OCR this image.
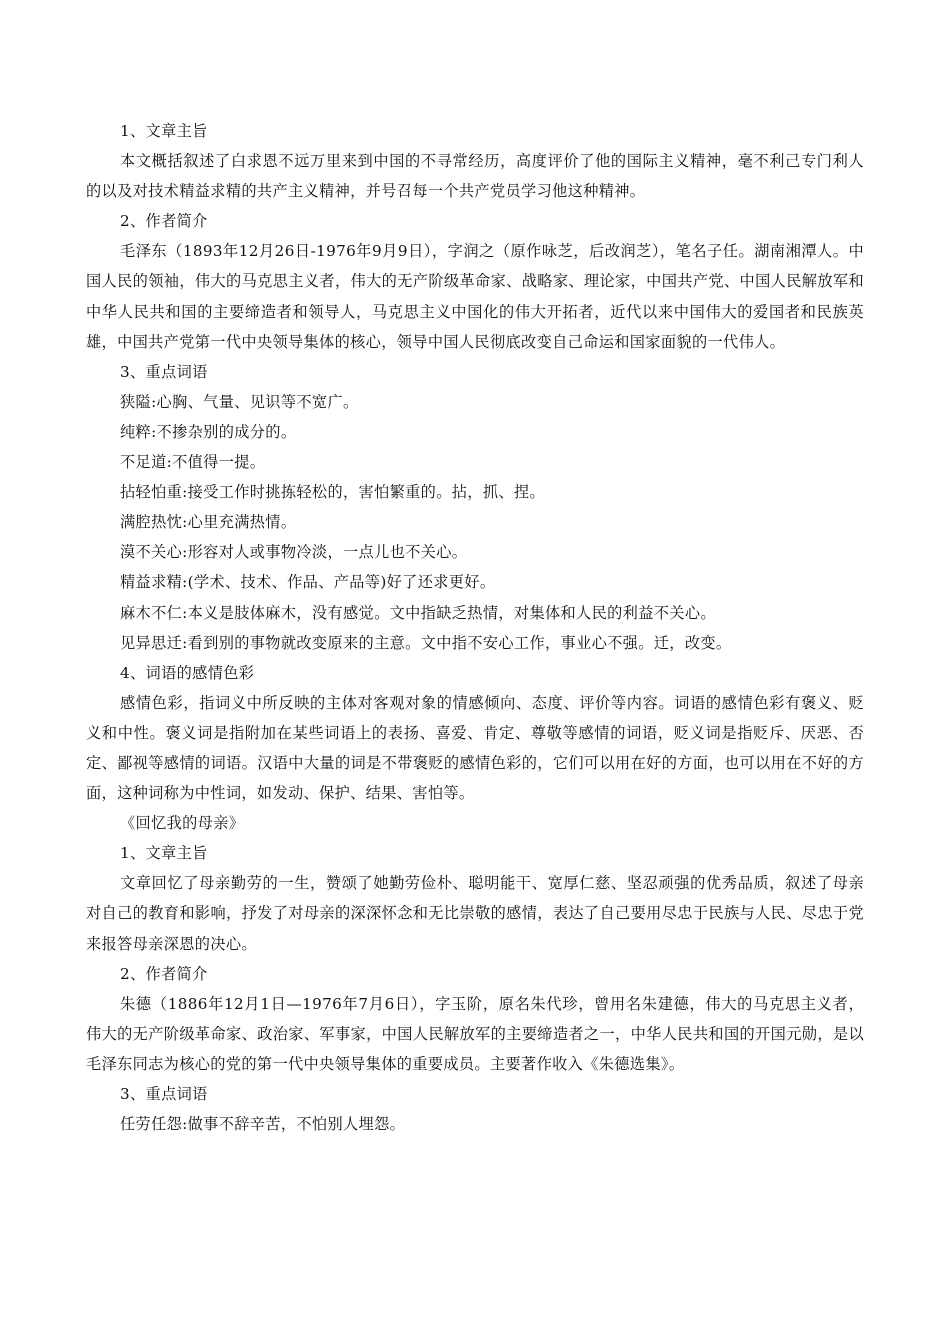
1、文章主旨

本文概括叙述了白求恩不远万里来到中国的不寻常经历，高度评价了他的国际主义精神，毫不利己专门利人的以及对技术精益求精的共产主义精神，并号召每一个共产党员学习他这种精神。

2、作者简介

毛泽东（1893年12月26日-1976年9月9日），字润之（原作咏芝，后改润芝），笔名子任。湖南湘潭人。中国人民的领袖，伟大的马克思主义者，伟大的无产阶级革命家、战略家、理论家，中国共产党、中国人民解放军和中华人民共和国的主要缔造者和领导人，马克思主义中国化的伟大开拓者，近代以来中国伟大的爱国者和民族英雄，中国共产党第一代中央领导集体的核心，领导中国人民彻底改变自己命运和国家面貌的一代伟人。

3、重点词语

狭隘:心胸、气量、见识等不宽广。

纯粹:不掺杂别的成分的。

不足道:不值得一提。

拈轻怕重:接受工作时挑拣轻松的，害怕繁重的。拈，抓、捏。

满腔热忱:心里充满热情。

漠不关心:形容对人或事物冷淡，一点儿也不关心。

精益求精:(学术、技术、作品、产品等)好了还求更好。

麻木不仁:本义是肢体麻木，没有感觉。文中指缺乏热情，对集体和人民的利益不关心。

见异思迁:看到别的事物就改变原来的主意。文中指不安心工作，事业心不强。迁，改变。

4、词语的感情色彩

感情色彩，指词义中所反映的主体对客观对象的情感倾向、态度、评价等内容。词语的感情色彩有褒义、贬义和中性。褒义词是指附加在某些词语上的表扬、喜爱、肯定、尊敬等感情的词语，贬义词是指贬斥、厌恶、否定、鄙视等感情的词语。汉语中大量的词是不带褒贬的感情色彩的，它们可以用在好的方面，也可以用在不好的方面，这种词称为中性词，如发动、保护、结果、害怕等。

《回忆我的母亲》

1、文章主旨

文章回忆了母亲勤劳的一生，赞颂了她勤劳俭朴、聪明能干、宽厚仁慈、坚忍顽强的优秀品质，叙述了母亲对自己的教育和影响，抒发了对母亲的深深怀念和无比崇敬的感情，表达了自己要用尽忠于民族与人民、尽忠于党来报答母亲深恩的决心。

2、作者简介

朱德（1886年12月1日—1976年7月6日），字玉阶，原名朱代珍，曾用名朱建德，伟大的马克思主义者，伟大的无产阶级革命家、政治家、军事家，中国人民解放军的主要缔造者之一，中华人民共和国的开国元勋，是以毛泽东同志为核心的党的第一代中央领导集体的重要成员。主要著作收入《朱德选集》。

3、重点词语

任劳任怨:做事不辞辛苦，不怕别人埋怨。
